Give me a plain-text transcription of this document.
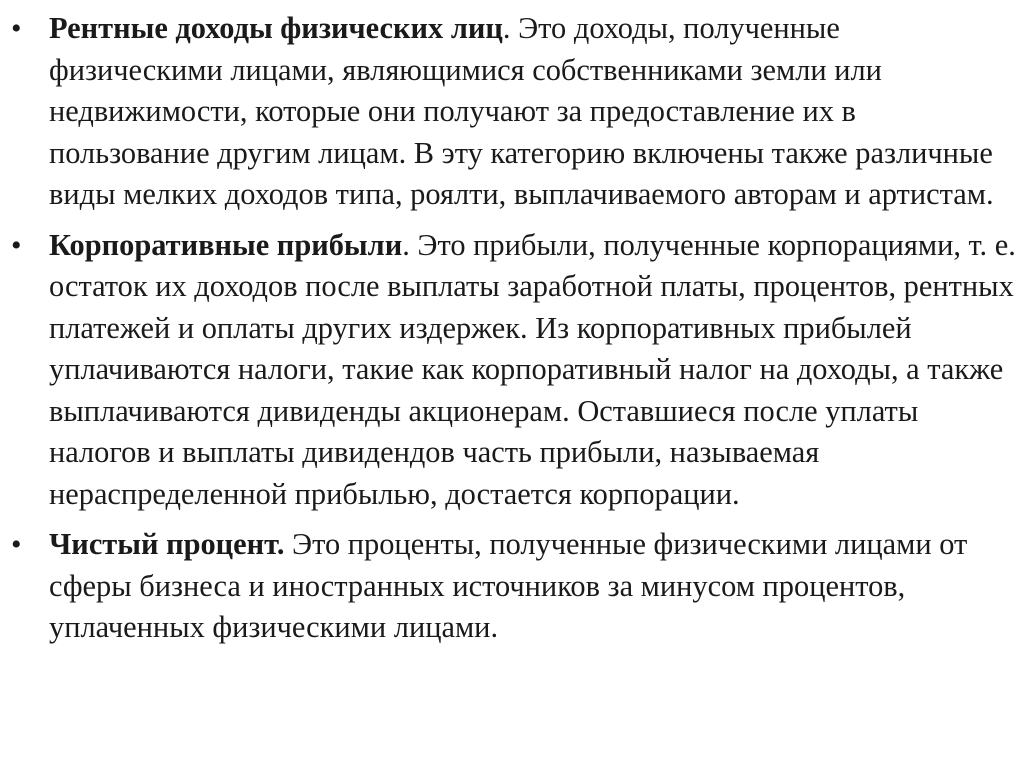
• Рентные доходы физических лиц. Это доходы, полученные физическими лицами, являющимися собственниками земли или недвижимости, которые они получают за предоставление их в пользование другим лицам. В эту категорию включены также различные виды мелких доходов типа, роялти, выплачиваемого авторам и артистам.
• Корпоративные прибыли. Это прибыли, полученные корпорациями, т. е. остаток их доходов после выплаты заработной платы, процентов, рентных платежей и оплаты других издержек. Из корпоративных прибылей уплачиваются налоги, такие как корпоративный налог на доходы, а также выплачиваются дивиденды акционерам. Оставшиеся после уплаты налогов и выплаты дивидендов часть прибыли, называемая нераспределенной прибылью, достается корпорации.
• Чистый процент. Это проценты, полученные физическими лицами от сферы бизнеса и иностранных источников за минусом процентов, уплаченных физическими лицами.
